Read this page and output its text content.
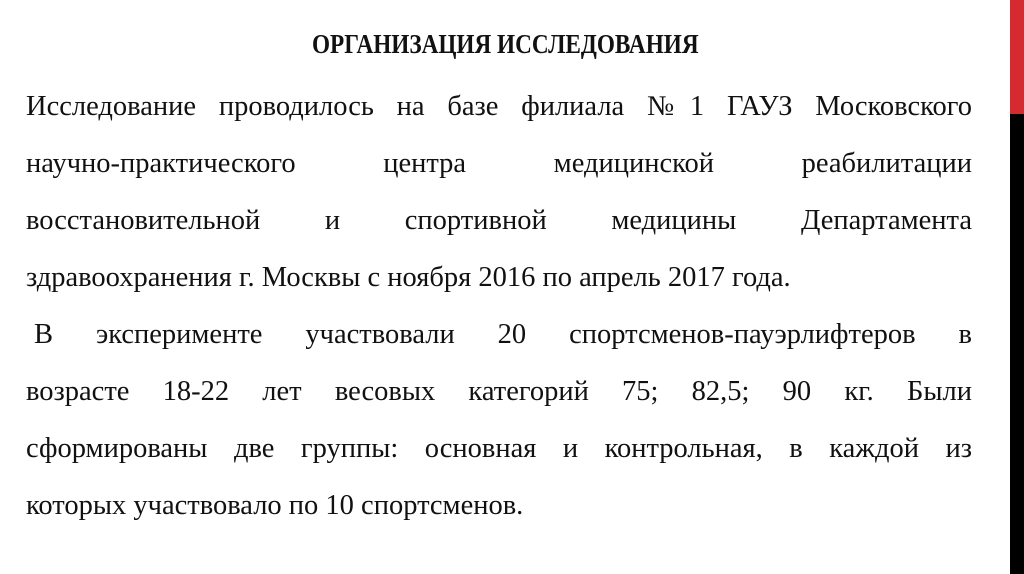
ОРГАНИЗАЦИЯ ИССЛЕДОВАНИЯ
Исследование проводилось на базе филиала №1 ГАУЗ Московского
научно-практического центра медицинской реабилитации
восстановительной и спортивной медицины Департамента
здравоохранения г. Москвы с ноября 2016 по апрель 2017 года.
В эксперименте участвовали 20 спортсменов-пауэрлифтеров в
возрасте 18-22 лет весовых категорий 75; 82,5; 90 кг. Были
сформированы две группы: основная и контрольная, в каждой из
которых участвовало по 10 спортсменов.
